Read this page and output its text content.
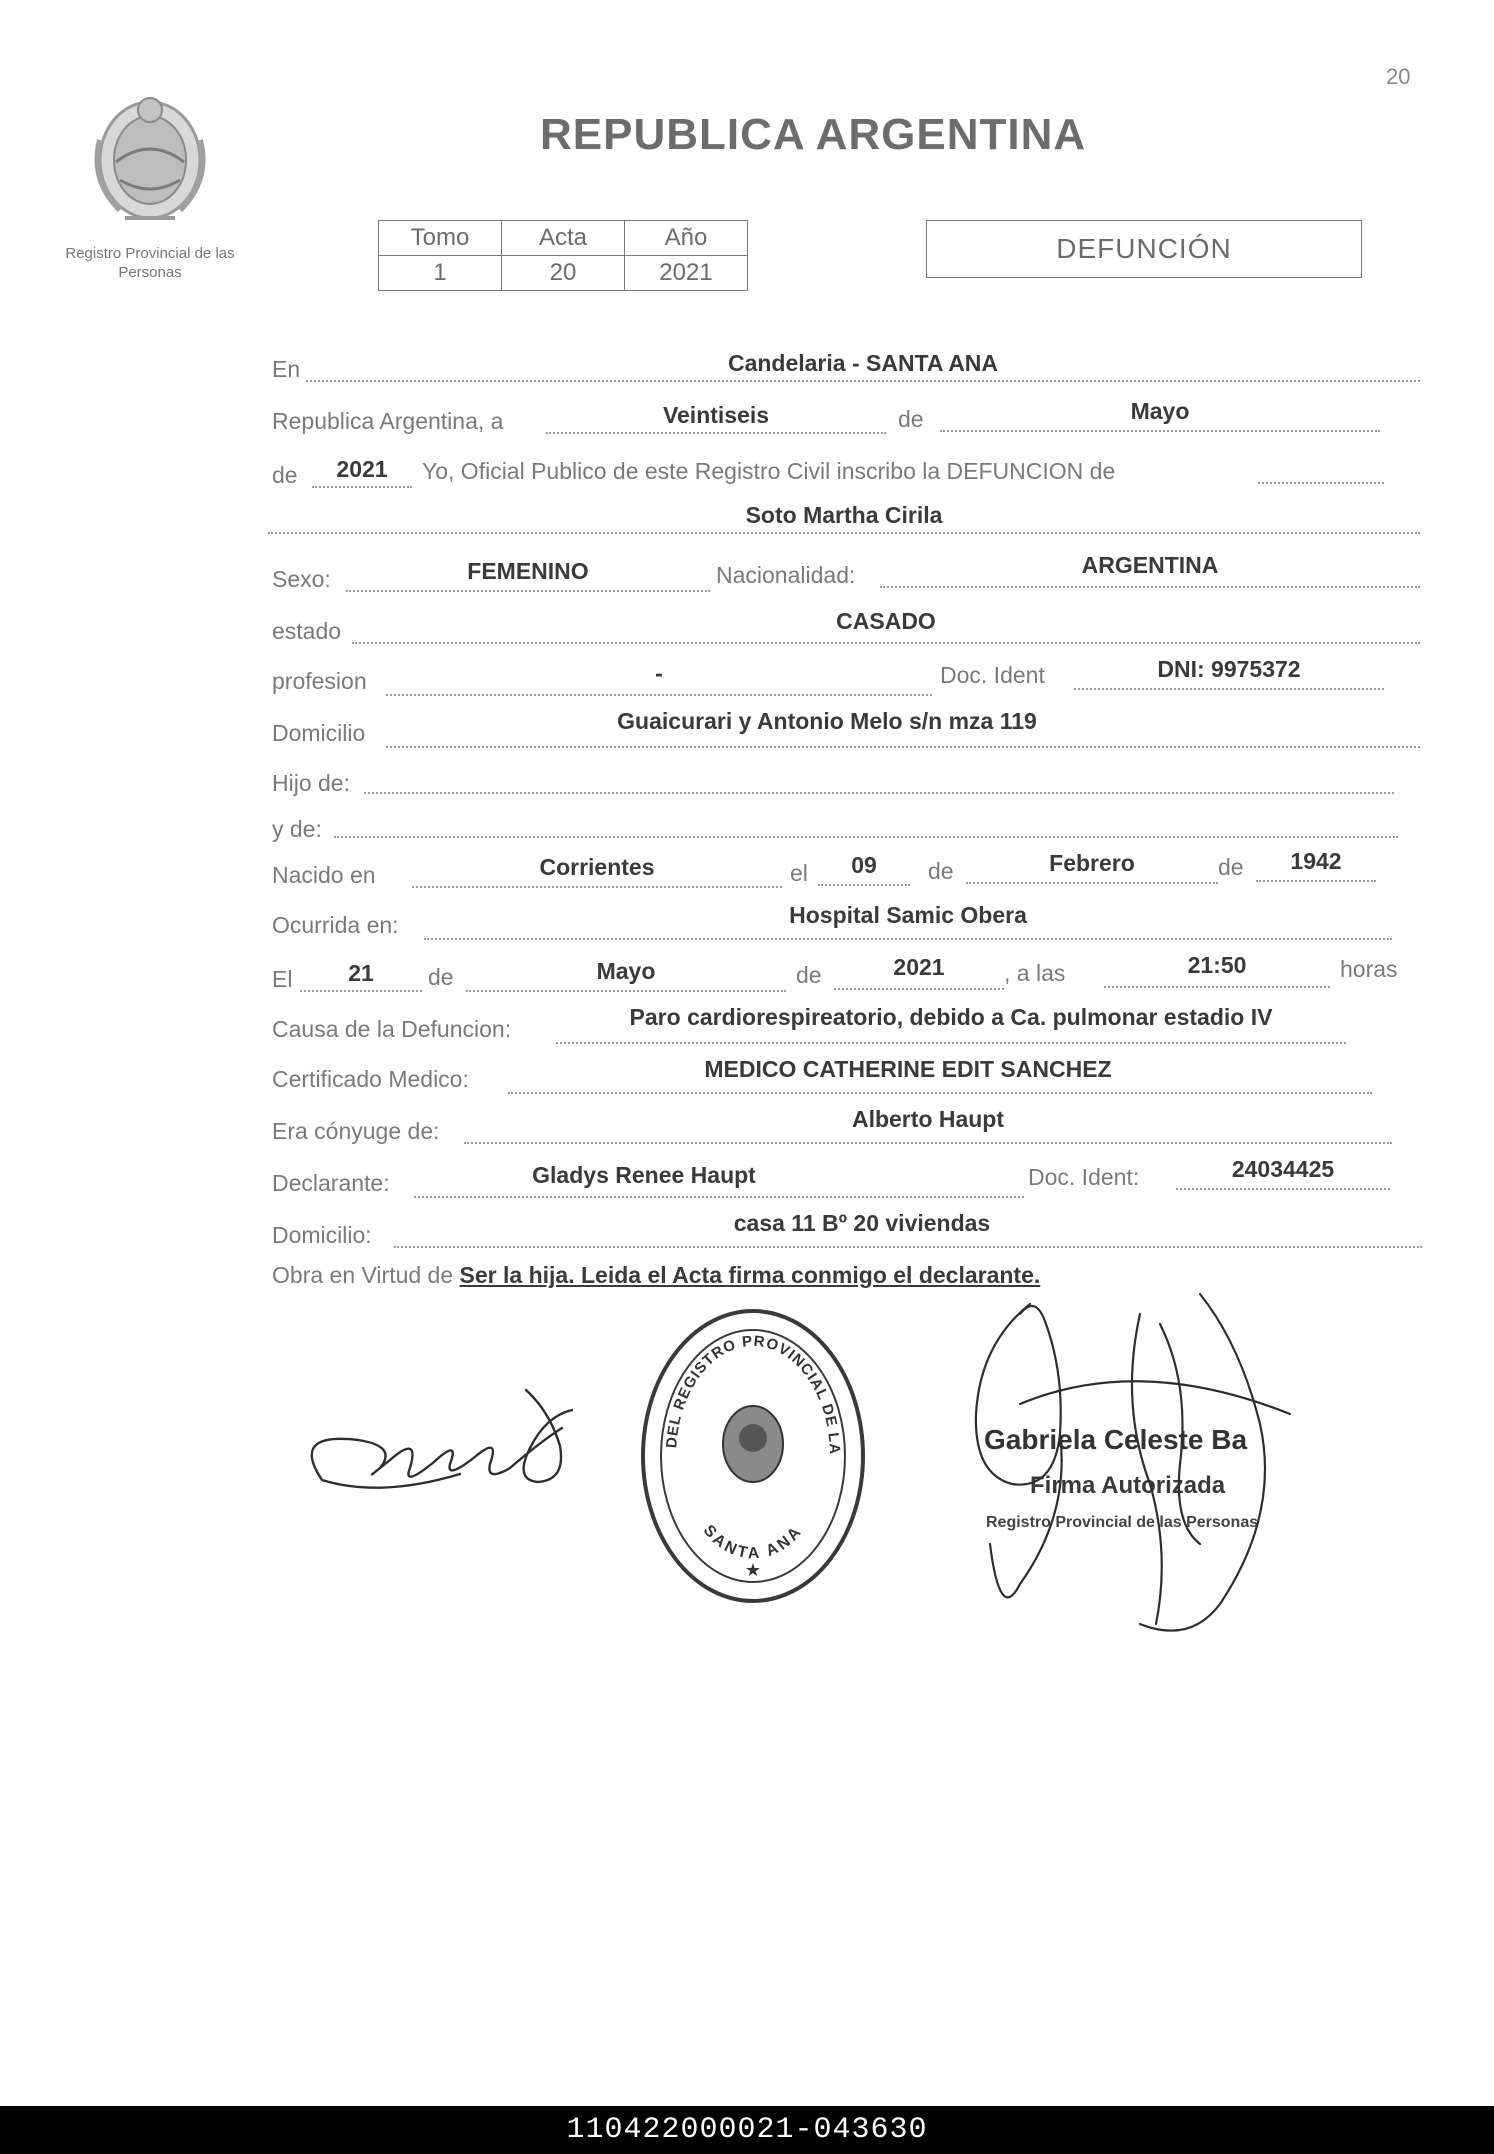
20
Registro Provincial de las Personas
REPUBLICA ARGENTINA
Tomo	Acta	Año
1	20	2021
DEFUNCIÓN
En	Candelaria - SANTA ANA
Republica Argentina, a	Veintiseis	de	Mayo
de	2021	Yo, Oficial Publico de este Registro Civil inscribo la DEFUNCION de
Soto Martha Cirila
Sexo:	FEMENINO	Nacionalidad:	ARGENTINA
estado	CASADO
profesion	-	Doc. Ident	DNI: 9975372
Domicilio	Guaicurari y Antonio Melo s/n mza 119
Hijo de:
y de:
Nacido en	Corrientes	el	09	de	Febrero	de	1942
Ocurrida en:	Hospital Samic Obera
El	21	de	Mayo	de	2021	, a las	21:50	horas
Causa de la Defuncion:	Paro cardiorespireatorio, debido a Ca. pulmonar estadio IV
Certificado Medico:	MEDICO CATHERINE EDIT SANCHEZ
Era cónyuge de:	Alberto Haupt
Declarante:	Gladys Renee Haupt	Doc. Ident:	24034425
Domicilio:	casa 11 Bº 20 viviendas
Obra en Virtud de Ser la hija. Leida el Acta firma conmigo el declarante.
DELEGACION DEL REGISTRO PROVINCIAL DE LAS PERSONAS
SANTA ANA
★
Gabriela Celeste Ba
Firma Autorizada
Registro Provincial de las Personas
110422000021-043630
